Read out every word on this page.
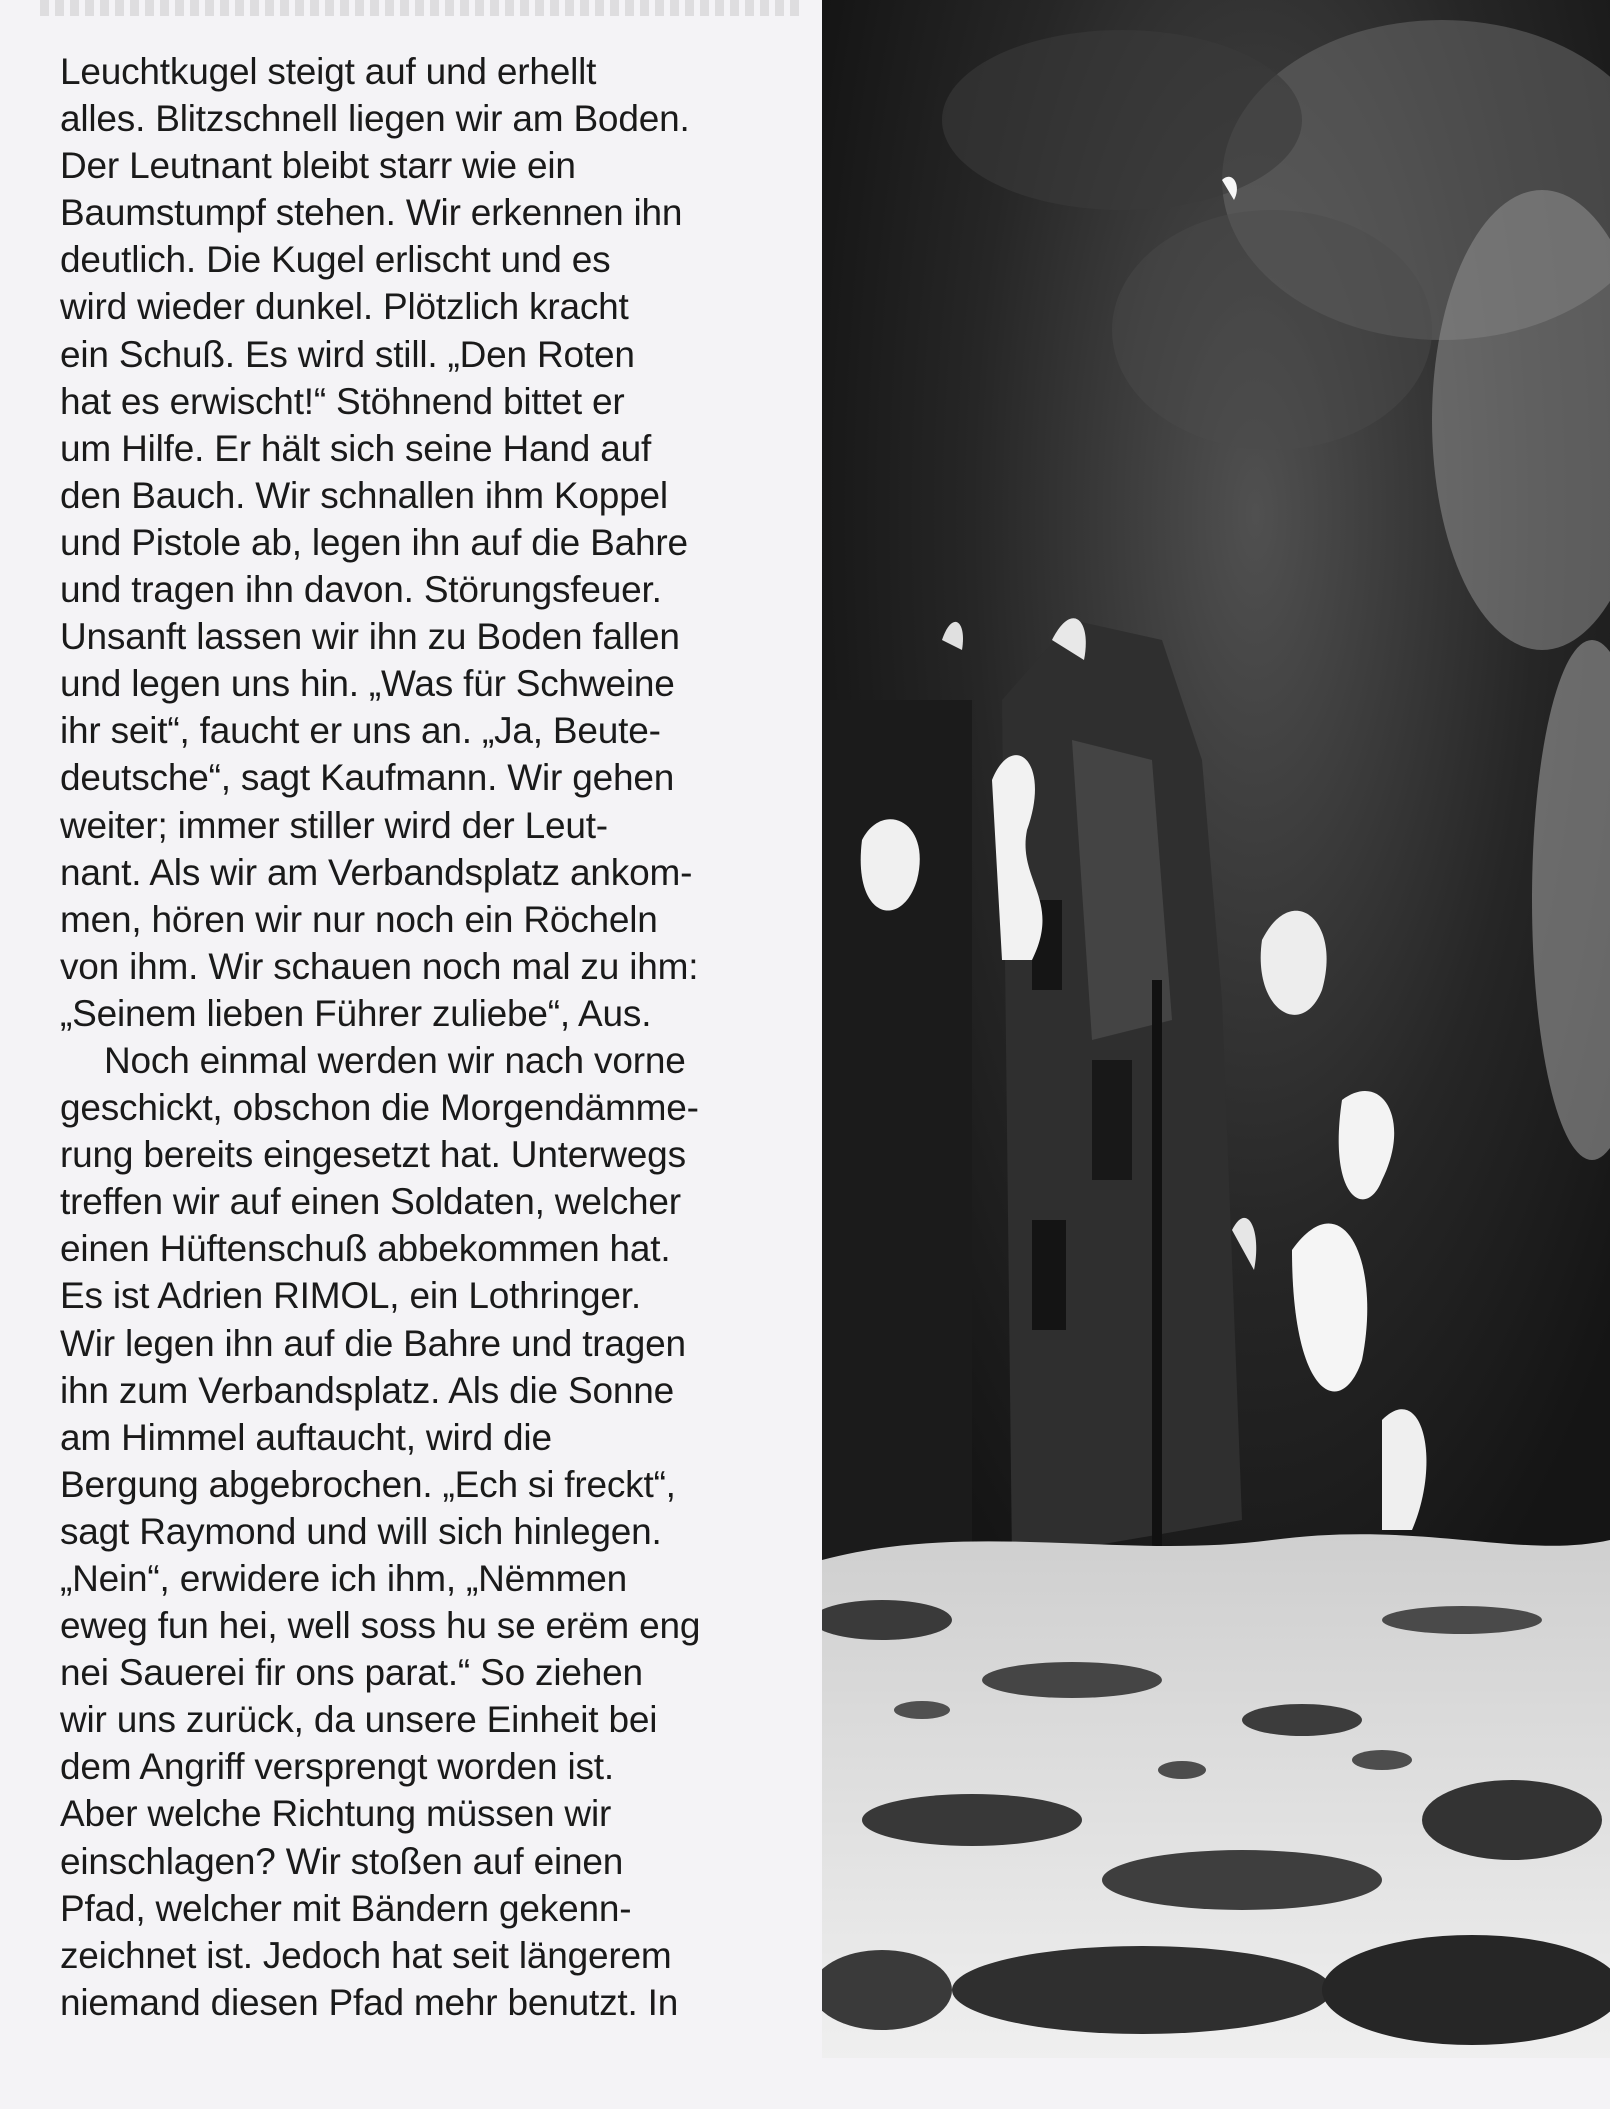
Leuchtkugel steigt auf und erhellt
alles. Blitzschnell liegen wir am Boden.
Der Leutnant bleibt starr wie ein
Baumstumpf stehen. Wir erkennen ihn
deutlich. Die Kugel erlischt und es
wird wieder dunkel. Plötzlich kracht
ein Schuß. Es wird still. „Den Roten
hat es erwischt!“ Stöhnend bittet er
um Hilfe. Er hält sich seine Hand auf
den Bauch. Wir schnallen ihm Koppel
und Pistole ab, legen ihn auf die Bahre
und tragen ihn davon. Störungsfeuer.
Unsanft lassen wir ihn zu Boden fallen
und legen uns hin. „Was für Schweine
ihr seit“, faucht er uns an. „Ja, Beute-
deutsche“, sagt Kaufmann. Wir gehen
weiter; immer stiller wird der Leut-
nant. Als wir am Verbandsplatz ankom-
men, hören wir nur noch ein Röcheln
von ihm. Wir schauen noch mal zu ihm:
„Seinem lieben Führer zuliebe“, Aus.
Noch einmal werden wir nach vorne
geschickt, obschon die Morgendämme-
rung bereits eingesetzt hat. Unterwegs
treffen wir auf einen Soldaten, welcher
einen Hüftenschuß abbekommen hat.
Es ist Adrien RIMOL, ein Lothringer.
Wir legen ihn auf die Bahre und tragen
ihn zum Verbandsplatz. Als die Sonne
am Himmel auftaucht, wird die
Bergung abgebrochen. „Ech si freckt“,
sagt Raymond und will sich hinlegen.
„Nein“, erwidere ich ihm, „Nëmmen
eweg fun hei, well soss hu se erëm eng
nei Sauerei fir ons parat.“ So ziehen
wir uns zurück, da unsere Einheit bei
dem Angriff versprengt worden ist.
Aber welche Richtung müssen wir
einschlagen? Wir stoßen auf einen
Pfad, welcher mit Bändern gekenn-
zeichnet ist. Jedoch hat seit längerem
niemand diesen Pfad mehr benutzt. In
